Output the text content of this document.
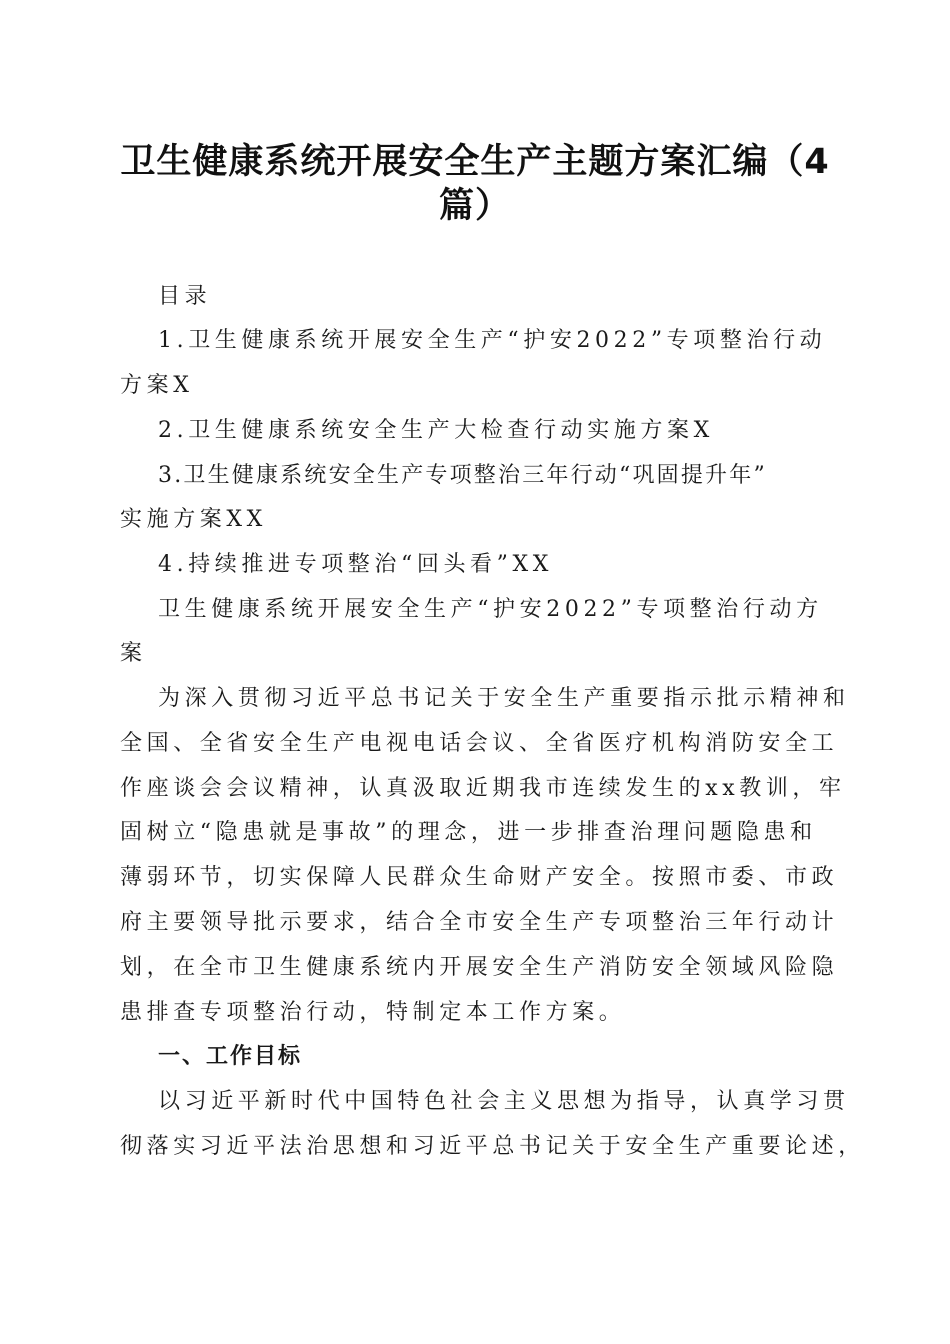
卫生健康系统开展安全生产主题方案汇编（4
篇）
目录
1.卫生健康系统开展安全生产“护安2022”专项整治行动
方案X
2.卫生健康系统安全生产大检查行动实施方案X
3.卫生健康系统安全生产专项整治三年行动“巩固提升年”
实施方案XX
4.持续推进专项整治“回头看”XX
卫生健康系统开展安全生产“护安2022”专项整治行动方
案
为深入贯彻习近平总书记关于安全生产重要指示批示精神和
全国、全省安全生产电视电话会议、全省医疗机构消防安全工
作座谈会会议精神，认真汲取近期我市连续发生的xx教训，牢
固树立“隐患就是事故”的理念，进一步排查治理问题隐患和
薄弱环节，切实保障人民群众生命财产安全。按照市委、市政
府主要领导批示要求，结合全市安全生产专项整治三年行动计
划，在全市卫生健康系统内开展安全生产消防安全领域风险隐
患排查专项整治行动，特制定本工作方案。
一、工作目标
以习近平新时代中国特色社会主义思想为指导，认真学习贯
彻落实习近平法治思想和习近平总书记关于安全生产重要论述，
